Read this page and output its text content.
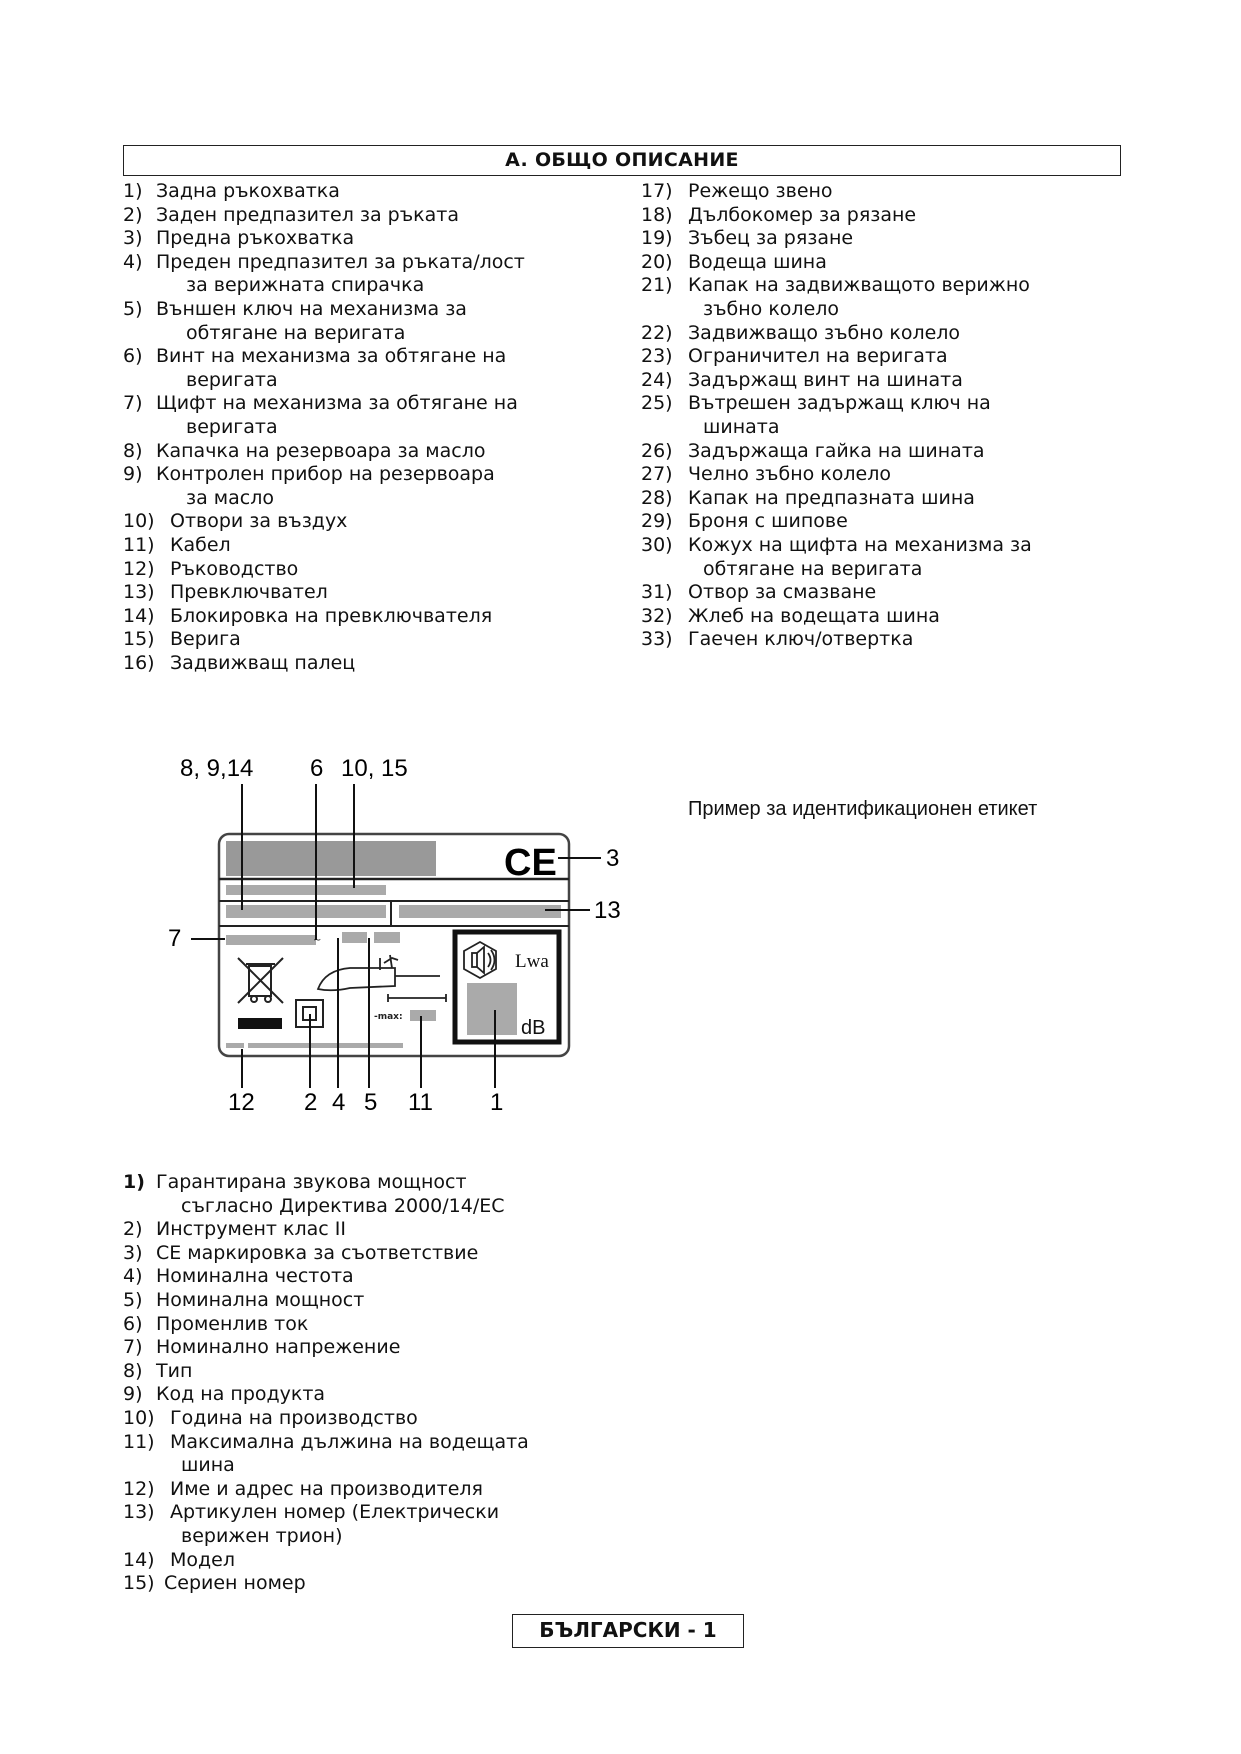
A. ОБЩО ОПИСАНИЕ
1) Задна ръкохватка
2) Заден предпазител за ръката
3) Предна ръкохватка
4) Преден предпазител за ръката/лост
за верижната спирачка
5) Външен ключ на механизма за
обтягане на веригата
6) Винт на механизма за обтягане на
веригата
7) Щифт на механизма за обтягане на
веригата
8) Капачка на резервоара за масло
9) Контролен прибор на резервоара
за масло
10) Отвори за въздух
11) Кабел
12) Ръководство
13) Превключвател
14) Блокировка на превключвателя
15) Верига
16) Задвижващ палец
17) Режещо звено
18) Дълбокомер за рязане
19) Зъбец за рязане
20) Водеща шина
21) Капак на задвижващото верижно
зъбно колело
22) Задвижващо зъбно колело
23) Ограничител на веригата
24) Задържащ винт на шината
25) Вътрешен задържащ ключ на
шината
26) Задържаща гайка на шината
27) Челно зъбно колело
28) Капак на предпазната шина
29) Броня с шипове
30) Кожух на щифта на механизма за
обтягане на веригата
31) Отвор за смазване
32) Жлеб на водещата шина
33) Гаечен ключ/отвертка
Пример за идентификационен етикет
8, 9,14 6 10, 15
3
13
7
12 2 4 5 11 1
CE
~
-max:
Lwa
dB
1) Гарантирана звукова мощност
съгласно Директива 2000/14/EC
2) Инструмент клас II
3) CE маркировка за съответствие
4) Номинална честота
5) Номинална мощност
6) Променлив ток
7) Номинално напрежение
8) Тип
9) Код на продукта
10) Година на производство
11) Максимална дължина на водещата
шина
12) Име и адрес на производителя
13) Артикулен номер (Електрически
верижен трион)
14) Модел
15) Сериен номер
БЪЛГАРСКИ - 1
